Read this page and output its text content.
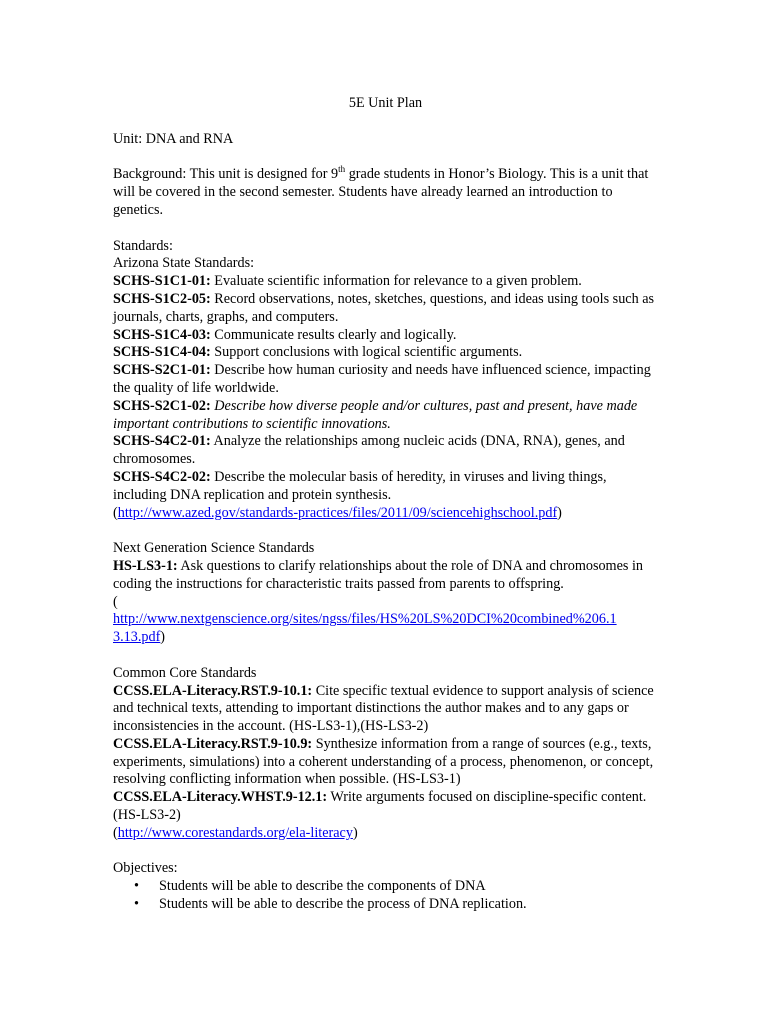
5E Unit Plan
Unit: DNA and RNA
Background: This unit is designed for 9th grade students in Honor’s Biology. This is a unit that will be covered in the second semester. Students have already learned an introduction to genetics.
Standards:
Arizona State Standards:
SCHS-S1C1-01: Evaluate scientific information for relevance to a given problem.
SCHS-S1C2-05: Record observations, notes, sketches, questions, and ideas using tools such as journals, charts, graphs, and computers.
SCHS-S1C4-03: Communicate results clearly and logically.
SCHS-S1C4-04: Support conclusions with logical scientific arguments.
SCHS-S2C1-01: Describe how human curiosity and needs have influenced science, impacting the quality of life worldwide.
SCHS-S2C1-02: Describe how diverse people and/or cultures, past and present, have made important contributions to scientific innovations.
SCHS-S4C2-01: Analyze the relationships among nucleic acids (DNA, RNA), genes, and chromosomes.
SCHS-S4C2-02: Describe the molecular basis of heredity, in viruses and living things, including DNA replication and protein synthesis.
(http://www.azed.gov/standards-practices/files/2011/09/sciencehighschool.pdf)
Next Generation Science Standards
HS-LS3-1: Ask questions to clarify relationships about the role of DNA and chromosomes in coding the instructions for characteristic traits passed from parents to offspring.
(
http://www.nextgenscience.org/sites/ngss/files/HS%20LS%20DCI%20combined%206.1
3.13.pdf)
Common Core Standards
CCSS.ELA-Literacy.RST.9-10.1: Cite specific textual evidence to support analysis of science and technical texts, attending to important distinctions the author makes and to any gaps or inconsistencies in the account. (HS-LS3-1),(HS-LS3-2)
CCSS.ELA-Literacy.RST.9-10.9: Synthesize information from a range of sources (e.g., texts, experiments, simulations) into a coherent understanding of a process, phenomenon, or concept, resolving conflicting information when possible. (HS-LS3-1)
CCSS.ELA-Literacy.WHST.9-12.1: Write arguments focused on discipline-specific content. (HS-LS3-2)
(http://www.corestandards.org/ela-literacy)
Objectives:
• Students will be able to describe the components of DNA
• Students will be able to describe the process of DNA replication.
